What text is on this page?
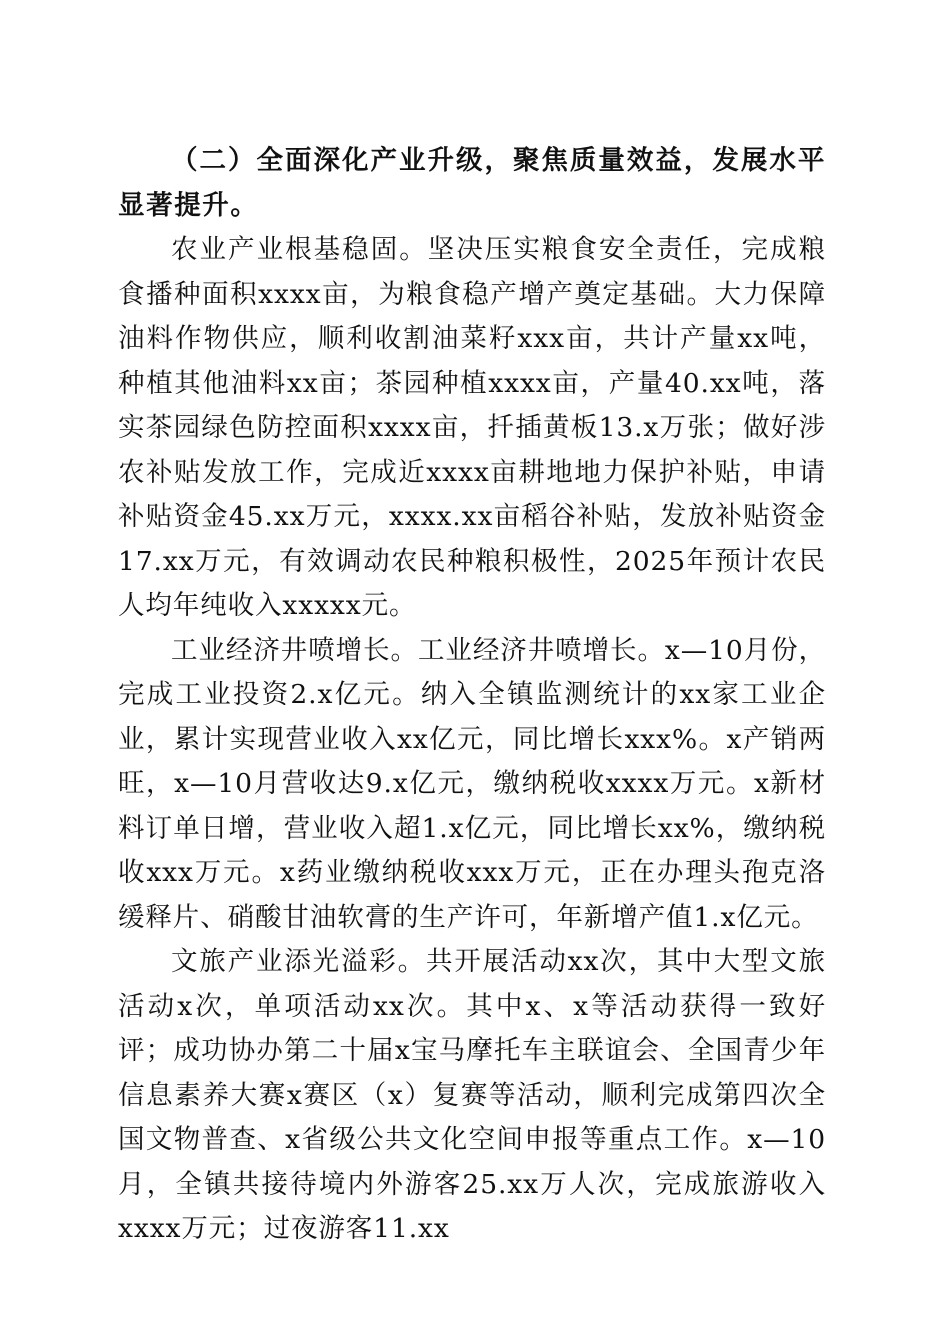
（二）全面深化产业升级，聚焦质量效益，发展水平显著提升。

农业产业根基稳固。坚决压实粮食安全责任，完成粮食播种面积xxxx亩，为粮食稳产增产奠定基础。大力保障油料作物供应，顺利收割油菜籽xxx亩，共计产量xx吨，种植其他油料xx亩；茶园种植xxxx亩，产量40.xx吨，落实茶园绿色防控面积xxxx亩，扦插黄板13.x万张；做好涉农补贴发放工作，完成近xxxx亩耕地地力保护补贴，申请补贴资金45.xx万元，xxxx.xx亩稻谷补贴，发放补贴资金17.xx万元，有效调动农民种粮积极性，2025年预计农民人均年纯收入xxxxx元。

工业经济井喷增长。工业经济井喷增长。x—10月份，完成工业投资2.x亿元。纳入全镇监测统计的xx家工业企业，累计实现营业收入xx亿元，同比增长xxx%。x产销两旺，x—10月营收达9.x亿元，缴纳税收xxxx万元。x新材料订单日增，营业收入超1.x亿元，同比增长xx%，缴纳税收xxx万元。x药业缴纳税收xxx万元，正在办理头孢克洛缓释片、硝酸甘油软膏的生产许可，年新增产值1.x亿元。

文旅产业添光溢彩。共开展活动xx次，其中大型文旅活动x次，单项活动xx次。其中x、x等活动获得一致好评；成功协办第二十届x宝马摩托车主联谊会、全国青少年信息素养大赛x赛区（x）复赛等活动，顺利完成第四次全国文物普查、x省级公共文化空间申报等重点工作。x—10月，全镇共接待境内外游客25.xx万人次，完成旅游收入xxxx万元；过夜游客11.xx
